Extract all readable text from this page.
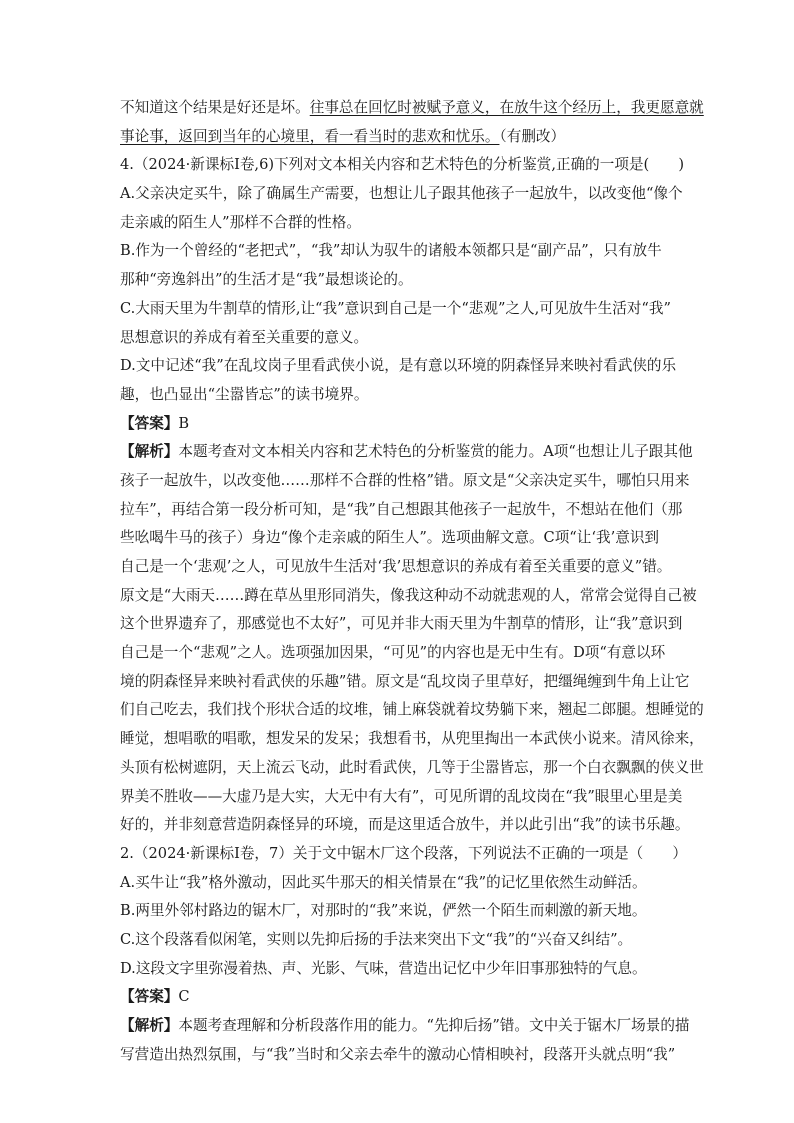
不知道这个结果是好还是坏。往事总在回忆时被赋予意义，在放牛这个经历上，我更愿意就
事论事，返回到当年的心境里，看一看当时的悲欢和忧乐。（有删改）
4.（2024·新课标Ⅰ卷,6)下列对文本相关内容和艺术特色的分析鉴赏,正确的一项是(　　)
A.父亲决定买牛，除了确属生产需要，也想让儿子跟其他孩子一起放牛，以改变他“像个
走亲戚的陌生人”那样不合群的性格。
B.作为一个曾经的“老把式”，“我”却认为驭牛的诸般本领都只是“副产品”，只有放牛
那种“旁逸斜出”的生活才是“我”最想谈论的。
C.大雨天里为牛割草的情形,让“我”意识到自己是一个“悲观”之人,可见放牛生活对“我”
思想意识的养成有着至关重要的意义。
D.文中记述“我”在乱坟岗子里看武侠小说，是有意以环境的阴森怪异来映衬看武侠的乐
趣，也凸显出“尘嚣皆忘”的读书境界。
【答案】B
【解析】本题考查对文本相关内容和艺术特色的分析鉴赏的能力。A项“也想让儿子跟其他
孩子一起放牛，以改变他……那样不合群的性格”错。原文是“父亲决定买牛，哪怕只用来
拉车”，再结合第一段分析可知，是“我”自己想跟其他孩子一起放牛，不想站在他们（那
些吆喝牛马的孩子）身边“像个走亲戚的陌生人”。选项曲解文意。C项“让‘我’意识到
自己是一个‘悲观’之人，可见放牛生活对‘我’思想意识的养成有着至关重要的意义”错。
原文是“大雨天……蹲在草丛里形同消失，像我这种动不动就悲观的人，常常会觉得自己被
这个世界遗弃了，那感觉也不太好”，可见并非大雨天里为牛割草的情形，让“我”意识到
自己是一个“悲观”之人。选项强加因果，“可见”的内容也是无中生有。D项“有意以环
境的阴森怪异来映衬看武侠的乐趣”错。原文是“乱坟岗子里草好，把缰绳缠到牛角上让它
们自己吃去，我们找个形状合适的坟堆，铺上麻袋就着坟势躺下来，翘起二郎腿。想睡觉的
睡觉，想唱歌的唱歌，想发呆的发呆；我想看书，从兜里掏出一本武侠小说来。清风徐来，
头顶有松树遮阴，天上流云飞动，此时看武侠，几等于尘嚣皆忘，那一个白衣飘飘的侠义世
界美不胜收——大虚乃是大实，大无中有大有”，可见所谓的乱坟岗在“我”眼里心里是美
好的，并非刻意营造阴森怪异的环境，而是这里适合放牛，并以此引出“我”的读书乐趣。
2.（2024·新课标Ⅰ卷，7）关于文中锯木厂这个段落，下列说法不正确的一项是（　　）
A.买牛让“我”格外激动，因此买牛那天的相关情景在“我”的记忆里依然生动鲜活。
B.两里外邻村路边的锯木厂，对那时的“我”来说，俨然一个陌生而刺激的新天地。
C.这个段落看似闲笔，实则以先抑后扬的手法来突出下文“我”的“兴奋又纠结”。
D.这段文字里弥漫着热、声、光影、气味，营造出记忆中少年旧事那独特的气息。
【答案】C
【解析】本题考查理解和分析段落作用的能力。“先抑后扬”错。文中关于锯木厂场景的描
写营造出热烈氛围，与“我”当时和父亲去牵牛的激动心情相映衬，段落开头就点明“我”
